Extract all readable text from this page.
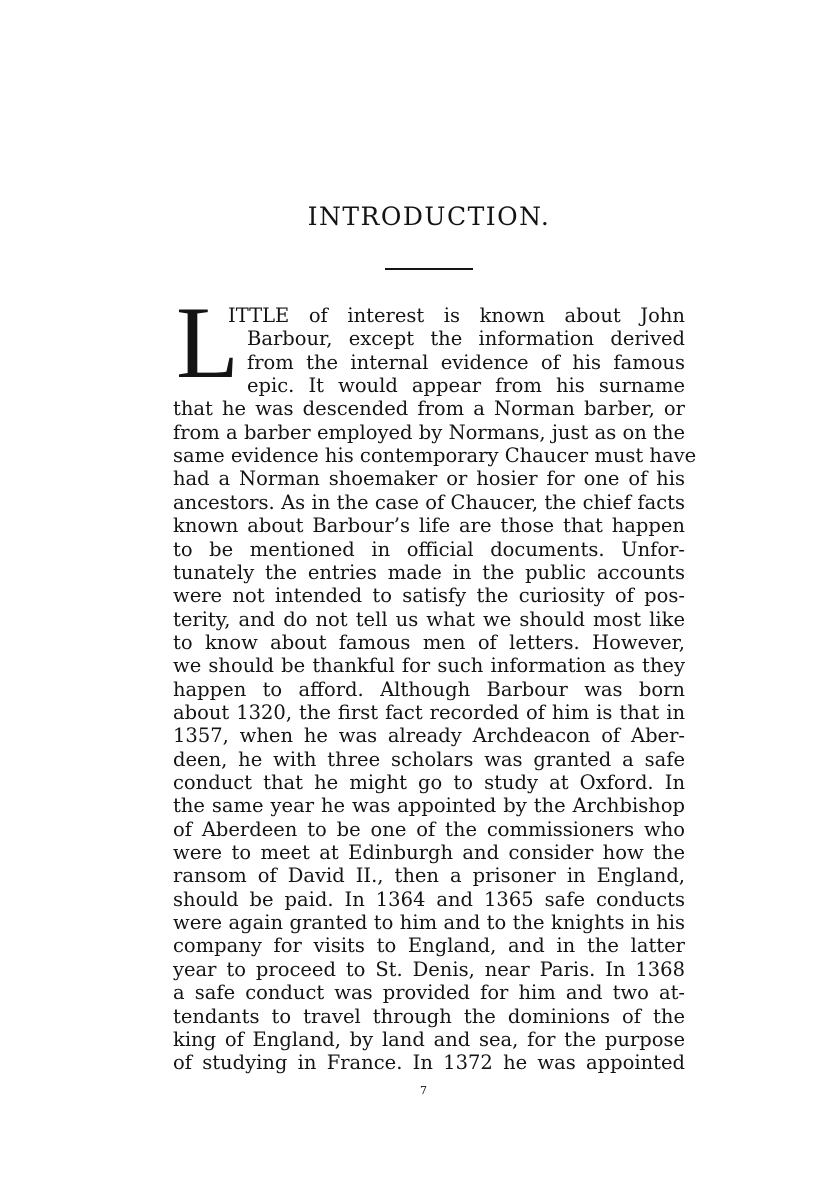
INTRODUCTION.
L
ITTLE of interest is known about John
Barbour, except the information derived
from the internal evidence of his famous
epic. It would appear from his surname
that he was descended from a Norman barber, or
from a barber employed by Normans, just as on the
same evidence his contemporary Chaucer must have
had a Norman shoemaker or hosier for one of his
ancestors. As in the case of Chaucer, the chief facts
known about Barbour’s life are those that happen
to be mentioned in official documents. Unfor-
tunately the entries made in the public accounts
were not intended to satisfy the curiosity of pos-
terity, and do not tell us what we should most like
to know about famous men of letters. However,
we should be thankful for such information as they
happen to afford. Although Barbour was born
about 1320, the first fact recorded of him is that in
1357, when he was already Archdeacon of Aber-
deen, he with three scholars was granted a safe
conduct that he might go to study at Oxford. In
the same year he was appointed by the Archbishop
of Aberdeen to be one of the commissioners who
were to meet at Edinburgh and consider how the
ransom of David II., then a prisoner in England,
should be paid. In 1364 and 1365 safe conducts
were again granted to him and to the knights in his
company for visits to England, and in the latter
year to proceed to St. Denis, near Paris. In 1368
a safe conduct was provided for him and two at-
tendants to travel through the dominions of the
king of England, by land and sea, for the purpose
of studying in France. In 1372 he was appointed
7
